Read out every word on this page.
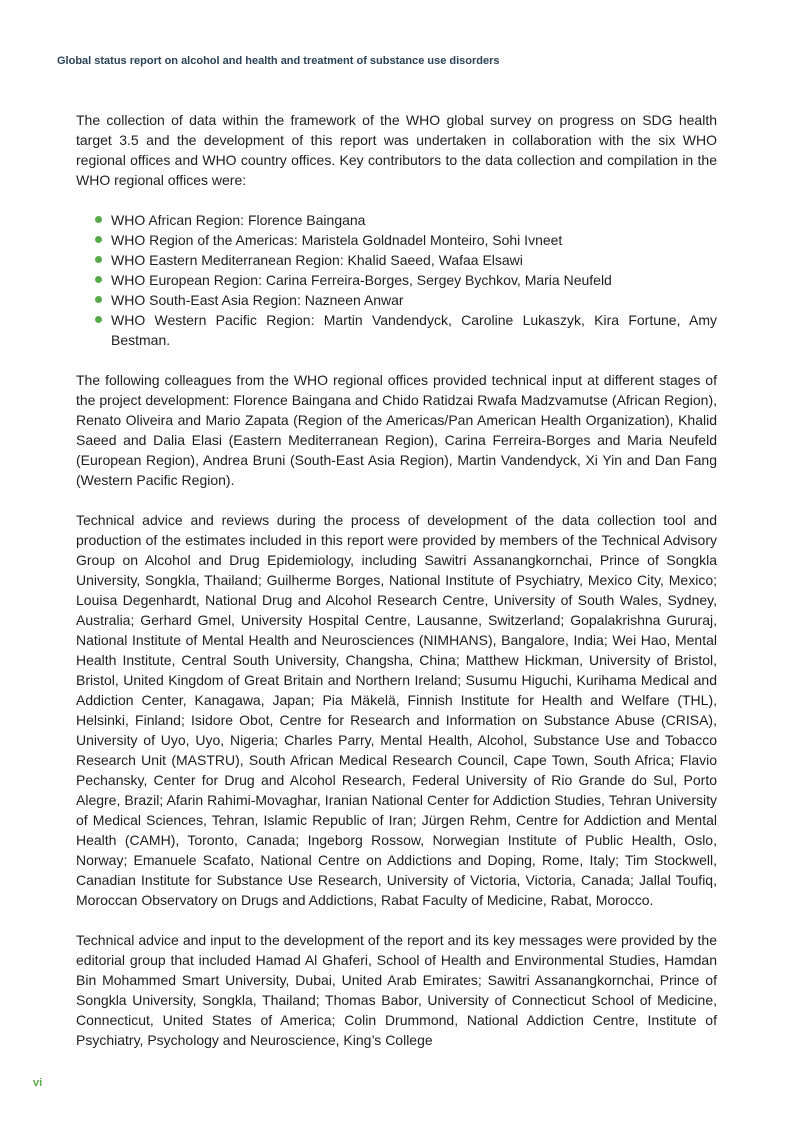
Global status report on alcohol and health and treatment of substance use disorders

The collection of data within the framework of the WHO global survey on progress on SDG health target 3.5 and the development of this report was undertaken in collaboration with the six WHO regional offices and WHO country offices. Key contributors to the data collection and compilation in the WHO regional offices were:

WHO African Region: Florence Baingana
WHO Region of the Americas: Maristela Goldnadel Monteiro, Sohi Ivneet
WHO Eastern Mediterranean Region: Khalid Saeed, Wafaa Elsawi
WHO European Region: Carina Ferreira-Borges, Sergey Bychkov, Maria Neufeld
WHO South-East Asia Region: Nazneen Anwar
WHO Western Pacific Region: Martin Vandendyck, Caroline Lukaszyk, Kira Fortune, Amy Bestman.

The following colleagues from the WHO regional offices provided technical input at different stages of the project development: Florence Baingana and Chido Ratidzai Rwafa Madzvamutse (African Region), Renato Oliveira and Mario Zapata (Region of the Americas/Pan American Health Organization), Khalid Saeed and Dalia Elasi (Eastern Mediterranean Region), Carina Ferreira-Borges and Maria Neufeld (European Region), Andrea Bruni (South-East Asia Region), Martin Vandendyck, Xi Yin and Dan Fang (Western Pacific Region).

Technical advice and reviews during the process of development of the data collection tool and production of the estimates included in this report were provided by members of the Technical Advisory Group on Alcohol and Drug Epidemiology, including Sawitri Assanangkornchai, Prince of Songkla University, Songkla, Thailand; Guilherme Borges, National Institute of Psychiatry, Mexico City, Mexico; Louisa Degenhardt, National Drug and Alcohol Research Centre, University of South Wales, Sydney, Australia; Gerhard Gmel, University Hospital Centre, Lausanne, Switzerland; Gopalakrishna Gururaj, National Institute of Mental Health and Neurosciences (NIMHANS), Bangalore, India; Wei Hao, Mental Health Institute, Central South University, Changsha, China; Matthew Hickman, University of Bristol, Bristol, United Kingdom of Great Britain and Northern Ireland; Susumu Higuchi, Kurihama Medical and Addiction Center, Kanagawa, Japan; Pia Mäkelä, Finnish Institute for Health and Welfare (THL), Helsinki, Finland; Isidore Obot, Centre for Research and Information on Substance Abuse (CRISA), University of Uyo, Uyo, Nigeria; Charles Parry, Mental Health, Alcohol, Substance Use and Tobacco Research Unit (MASTRU), South African Medical Research Council, Cape Town, South Africa; Flavio Pechansky, Center for Drug and Alcohol Research, Federal University of Rio Grande do Sul, Porto Alegre, Brazil; Afarin Rahimi-Movaghar, Iranian National Center for Addiction Studies, Tehran University of Medical Sciences, Tehran, Islamic Republic of Iran; Jürgen Rehm, Centre for Addiction and Mental Health (CAMH), Toronto, Canada; Ingeborg Rossow, Norwegian Institute of Public Health, Oslo, Norway; Emanuele Scafato, National Centre on Addictions and Doping, Rome, Italy; Tim Stockwell, Canadian Institute for Substance Use Research, University of Victoria, Victoria, Canada; Jallal Toufiq, Moroccan Observatory on Drugs and Addictions, Rabat Faculty of Medicine, Rabat, Morocco.

Technical advice and input to the development of the report and its key messages were provided by the editorial group that included Hamad Al Ghaferi, School of Health and Environmental Studies, Hamdan Bin Mohammed Smart University, Dubai, United Arab Emirates; Sawitri Assanangkornchai, Prince of Songkla University, Songkla, Thailand; Thomas Babor, University of Connecticut School of Medicine, Connecticut, United States of America; Colin Drummond, National Addiction Centre, Institute of Psychiatry, Psychology and Neuroscience, King’s College

vi
